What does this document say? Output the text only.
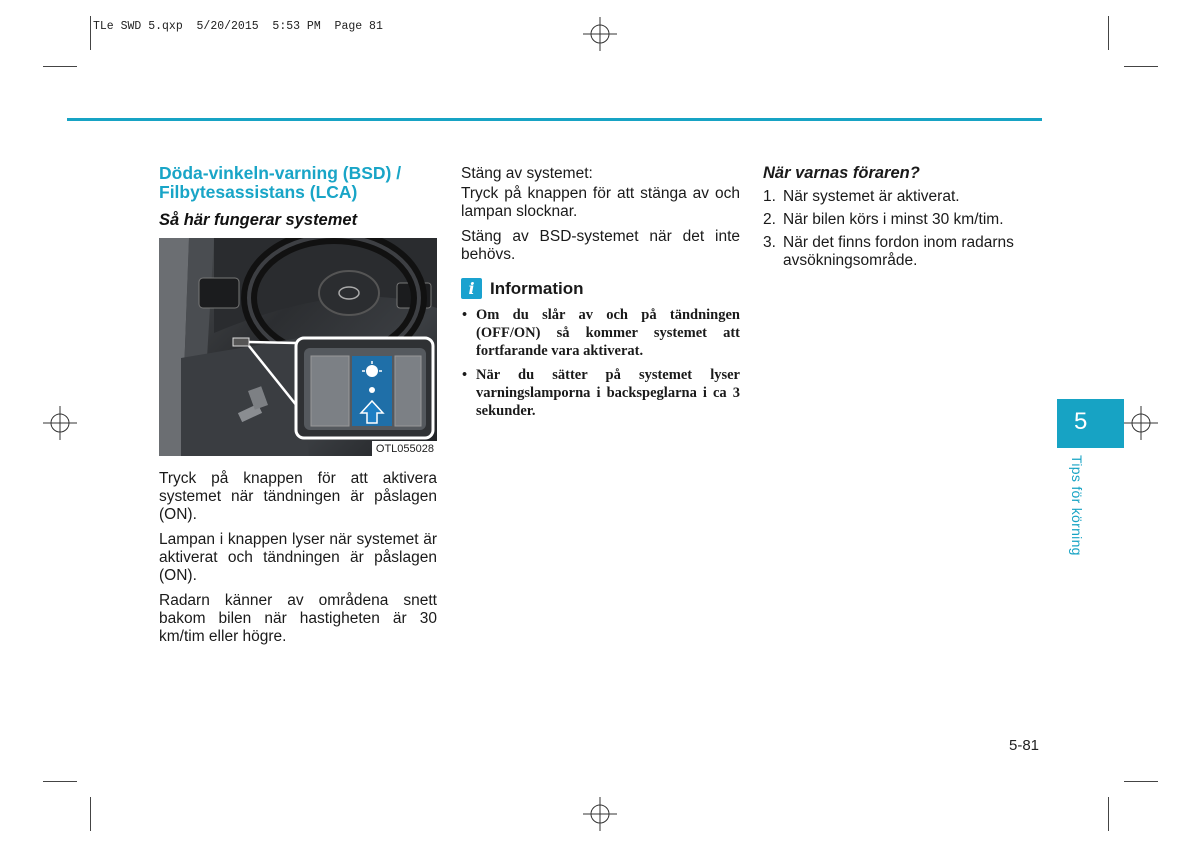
TLe SWD 5.qxp  5/20/2015  5:53 PM  Page 81
Döda-vinkeln-varning (BSD) / Filbytesassistans (LCA)
Så här fungerar systemet
OTL055028

Tryck på knappen för att aktivera systemet när tändningen är påslagen (ON).

Lampan i knappen lyser när systemet är aktiverat och tändningen är påslagen (ON).

Radarn känner av områdena snett bakom bilen när hastigheten är 30 km/tim eller högre.

Stäng av systemet:

Tryck på knappen för att stänga av och lampan slocknar.

Stäng av BSD-systemet när det inte behövs.

i Information
• Om du slår av och på tändningen (OFF/ON) så kommer systemet att fortfarande vara aktiverat.
• När du sätter på systemet lyser varningslamporna i backspeglarna i ca 3 sekunder.
När varnas föraren?
1. När systemet är aktiverat.
2. När bilen körs i minst 30 km/tim.
3. När det finns fordon inom radarns avsökningsområde.
5
Tips för körning
5-81
